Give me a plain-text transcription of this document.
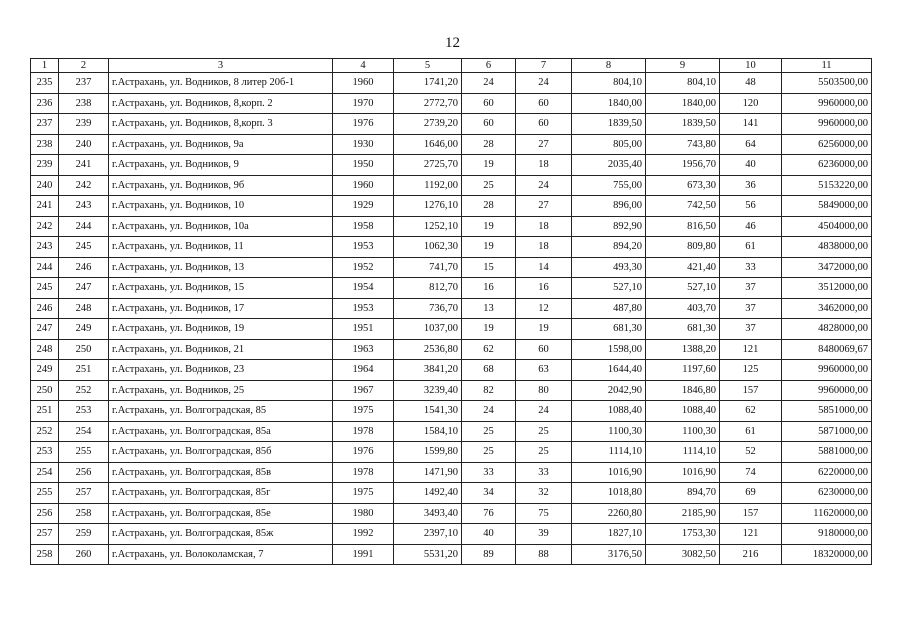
12
1	2	3	4	5	6	7	8	9	10	11
235	237	г.Астрахань, ул. Водников, 8 литер 20б-1	1960	1741,20	24	24	804,10	804,10	48	5503500,00
236	238	г.Астрахань, ул. Водников, 8,корп. 2	1970	2772,70	60	60	1840,00	1840,00	120	9960000,00
237	239	г.Астрахань, ул. Водников, 8,корп. 3	1976	2739,20	60	60	1839,50	1839,50	141	9960000,00
238	240	г.Астрахань, ул. Водников, 9а	1930	1646,00	28	27	805,00	743,80	64	6256000,00
239	241	г.Астрахань, ул. Водников, 9	1950	2725,70	19	18	2035,40	1956,70	40	6236000,00
240	242	г.Астрахань, ул. Водников, 9б	1960	1192,00	25	24	755,00	673,30	36	5153220,00
241	243	г.Астрахань, ул. Водников, 10	1929	1276,10	28	27	896,00	742,50	56	5849000,00
242	244	г.Астрахань, ул. Водников, 10а	1958	1252,10	19	18	892,90	816,50	46	4504000,00
243	245	г.Астрахань, ул. Водников, 11	1953	1062,30	19	18	894,20	809,80	61	4838000,00
244	246	г.Астрахань, ул. Водников, 13	1952	741,70	15	14	493,30	421,40	33	3472000,00
245	247	г.Астрахань, ул. Водников, 15	1954	812,70	16	16	527,10	527,10	37	3512000,00
246	248	г.Астрахань, ул. Водников, 17	1953	736,70	13	12	487,80	403,70	37	3462000,00
247	249	г.Астрахань, ул. Водников, 19	1951	1037,00	19	19	681,30	681,30	37	4828000,00
248	250	г.Астрахань, ул. Водников, 21	1963	2536,80	62	60	1598,00	1388,20	121	8480069,67
249	251	г.Астрахань, ул. Водников, 23	1964	3841,20	68	63	1644,40	1197,60	125	9960000,00
250	252	г.Астрахань, ул. Водников, 25	1967	3239,40	82	80	2042,90	1846,80	157	9960000,00
251	253	г.Астрахань, ул. Волгоградская, 85	1975	1541,30	24	24	1088,40	1088,40	62	5851000,00
252	254	г.Астрахань, ул. Волгоградская, 85а	1978	1584,10	25	25	1100,30	1100,30	61	5871000,00
253	255	г.Астрахань, ул. Волгоградская, 85б	1976	1599,80	25	25	1114,10	1114,10	52	5881000,00
254	256	г.Астрахань, ул. Волгоградская, 85в	1978	1471,90	33	33	1016,90	1016,90	74	6220000,00
255	257	г.Астрахань, ул. Волгоградская, 85г	1975	1492,40	34	32	1018,80	894,70	69	6230000,00
256	258	г.Астрахань, ул. Волгоградская, 85е	1980	3493,40	76	75	2260,80	2185,90	157	11620000,00
257	259	г.Астрахань, ул. Волгоградская, 85ж	1992	2397,10	40	39	1827,10	1753,30	121	9180000,00
258	260	г.Астрахань, ул. Волоколамская, 7	1991	5531,20	89	88	3176,50	3082,50	216	18320000,00
